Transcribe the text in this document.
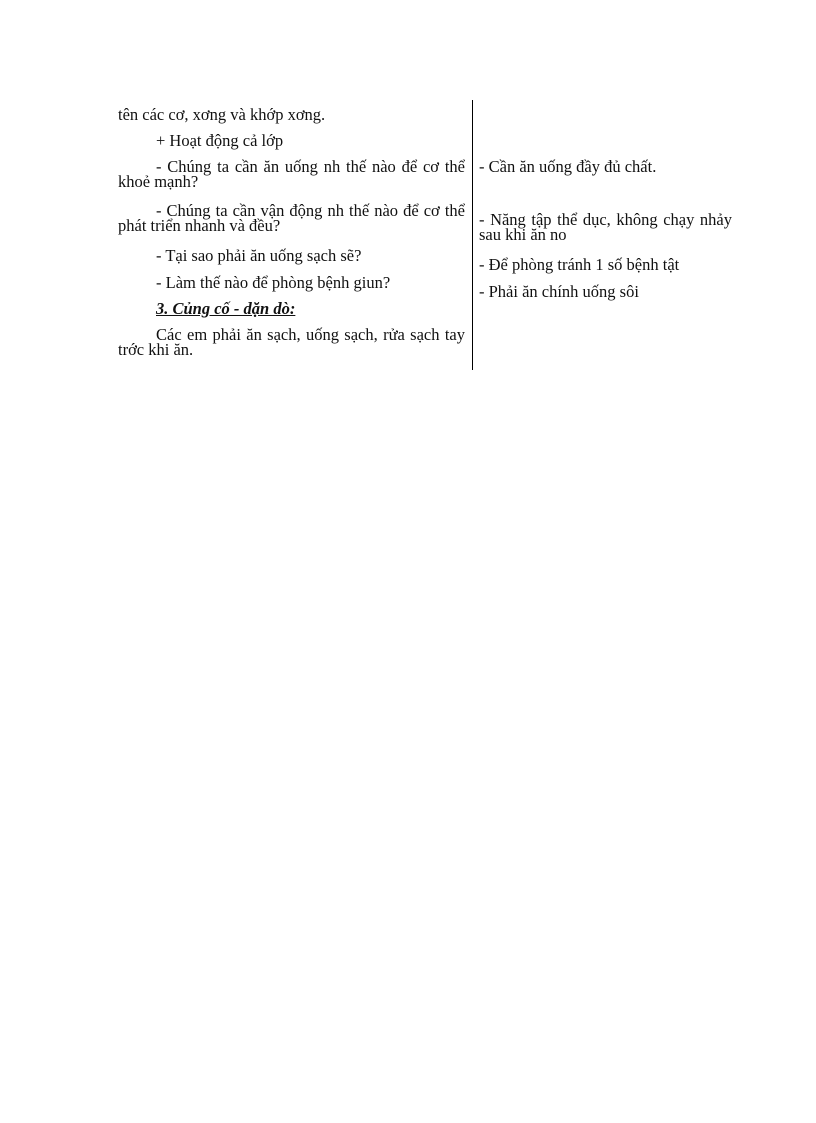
tên các cơ, xơng và khớp xơng.

+ Hoạt động cả lớp

- Chúng ta cần ăn uống nh thế nào để cơ thể khoẻ mạnh?

- Chúng ta cần vận động nh thế nào để cơ thể phát triển nhanh và đều?

- Tại sao phải ăn uống sạch sẽ?

- Làm thế nào để phòng bệnh giun?

3. Củng cố - dặn dò:

Các em phải ăn sạch, uống sạch, rửa sạch tay trớc khi ăn.

- Cần ăn uống đầy đủ chất.

- Năng tập thể dục, không chạy nhảy sau khi ăn no

- Để phòng tránh 1 số bệnh tật

- Phải ăn chính uống sôi
